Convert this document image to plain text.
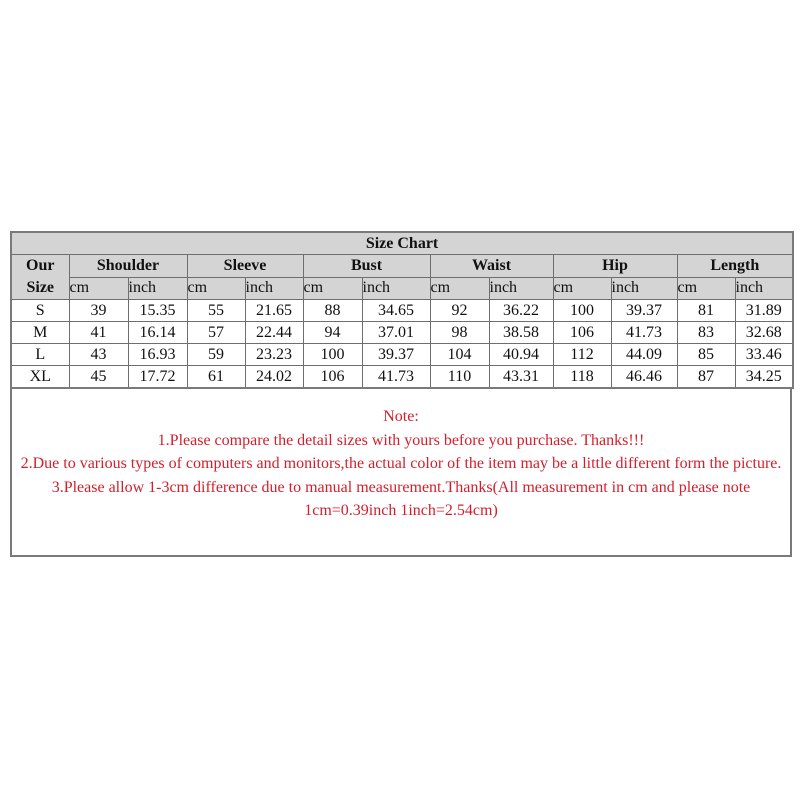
Size Chart												
Our
Size	Shoulder		Sleeve		Bust		Waist		Hip		Length	
	cm	inch	cm	inch	cm	inch	cm	inch	cm	inch	cm	inch
S	39	15.35	55	21.65	88	34.65	92	36.22	100	39.37	81	31.89
M	41	16.14	57	22.44	94	37.01	98	38.58	106	41.73	83	32.68
L	43	16.93	59	23.23	100	39.37	104	40.94	112	44.09	85	33.46
XL	45	17.72	61	24.02	106	41.73	110	43.31	118	46.46	87	34.25

Note:

1.Please compare the detail sizes with yours before you purchase. Thanks!!!

2.Due to various types of computers and monitors,the actual color of the item may be a little different form the picture.

3.Please allow 1-3cm difference due to manual measurement.Thanks(All measurement in cm and please note 1cm=0.39inch 1inch=2.54cm)
